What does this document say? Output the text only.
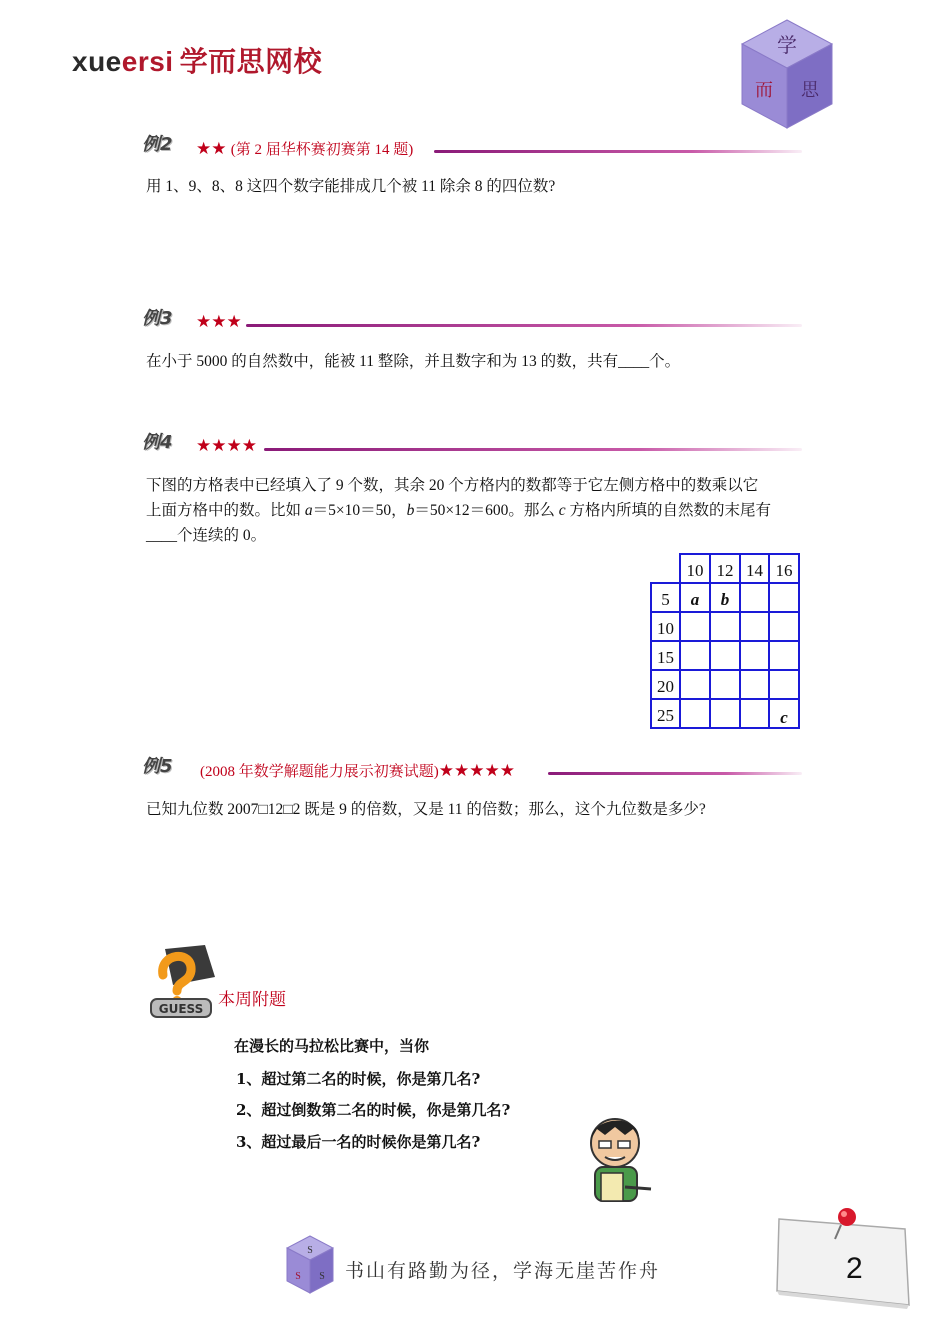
xueersi 学而思网校	学
而 思
例2 ★★ (第 2 届华杯赛初赛第 14 题)
用 1、9、8、8 这四个数字能排成几个被 11 除余 8 的四位数?
例3 ★★★
在小于 5000 的自然数中，能被 11 整除，并且数字和为 13 的数，共有____个。
例4 ★★★★
下图的方格表中已经填入了 9 个数，其余 20 个方格内的数都等于它左侧方格中的数乘以它
上面方格中的数。比如 a＝5×10＝50，b＝50×12＝600。那么 c 方格内所填的自然数的末尾有
____个连续的 0。
10 12 14 16
5
10
15
20
25
a b
c
例5 (2008 年数学解题能力展示初赛试题)★★★★★
已知九位数 2007□12□2 既是 9 的倍数，又是 11 的倍数；那么，这个九位数是多少?
GUESS 本周附题
在漫长的马拉松比赛中，当你
1、超过第二名的时候，你是第几名?
2、超过倒数第二名的时候，你是第几名?
3、超过最后一名的时候你是第几名?
S
S S 书山有路勤为径，学海无崖苦作舟	2
